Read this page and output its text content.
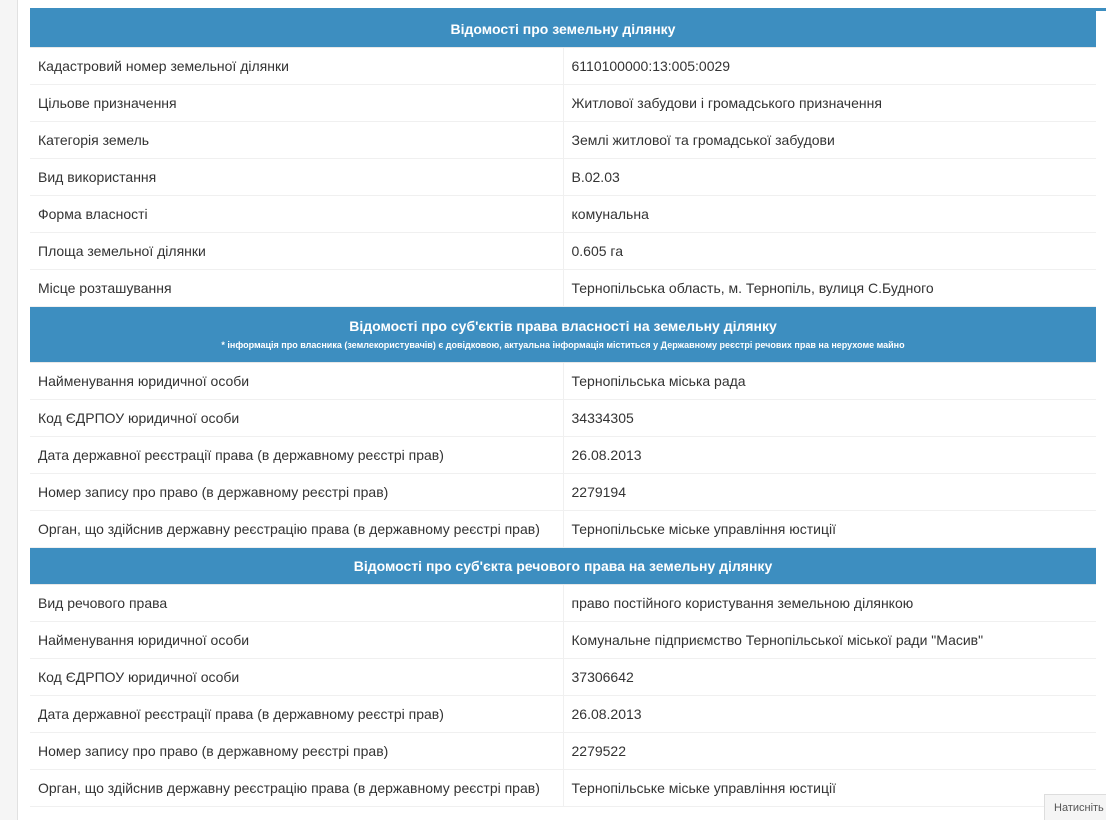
Відомості про земельну ділянку	

Кадастровий номер земельної ділянки	6110100000:13:005:0029
Цільове призначення	Житлової забудови і громадського призначення
Категорія земель	Землі житлової та громадської забудови
Вид використання	В.02.03
Форма власності	комунальна
Площа земельної ділянки	0.605 га
Місце розташування	Тернопільська область, м. Тернопіль, вулиця С.Будного

Відомості про суб'єктів права власності на земельну ділянку
* інформація про власника (землекористувачів) є довідковою, актуальна інформація міститься у Державному реєстрі речових прав на нерухоме майно	

Найменування юридичної особи	Тернопільська міська рада
Код ЄДРПОУ юридичної особи	34334305
Дата державної реєстрації права (в державному реєстрі прав)	26.08.2013
Номер запису про право (в державному реєстрі прав)	2279194
Орган, що здійснив державну реєстрацію права (в державному реєстрі прав)	Тернопільське міське управління юстиції

Відомості про суб'єкта речового права на земельну ділянку	

Вид речового права	право постійного користування земельною ділянкою
Найменування юридичної особи	Комунальне підприємство Тернопільської міської ради "Масив"
Код ЄДРПОУ юридичної особи	37306642
Дата державної реєстрації права (в державному реєстрі прав)	26.08.2013
Номер запису про право (в державному реєстрі прав)	2279522
Орган, що здійснив державну реєстрацію права (в державному реєстрі прав)	Тернопільське міське управління юстиції
Натисніть
